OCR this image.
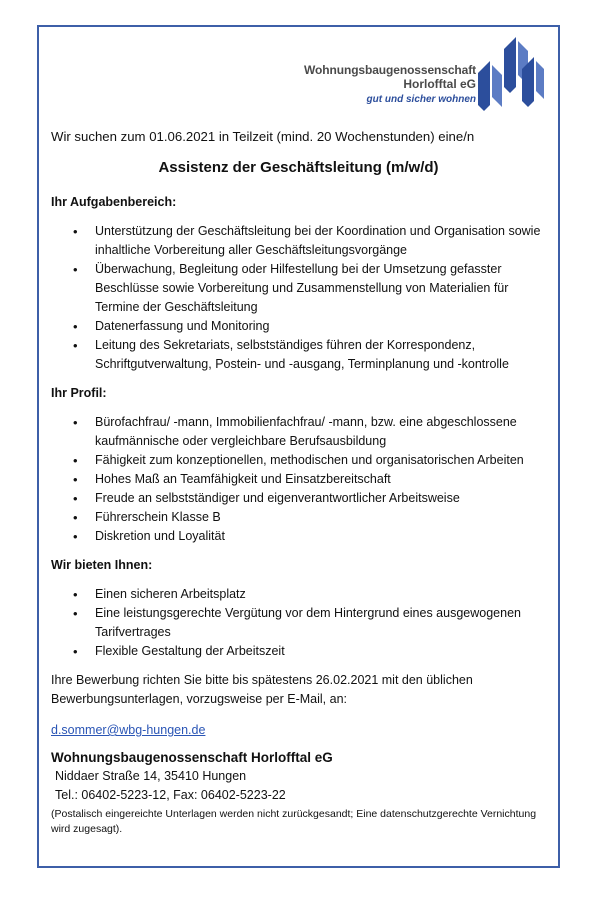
Wohnungsbaugenossenschaft
Horlofftal eG
gut und sicher wohnen

Wir suchen zum 01.06.2021 in Teilzeit (mind. 20 Wochenstunden) eine/n

Assistenz der Geschäftsleitung (m/w/d)

Ihr Aufgabenbereich:

• Unterstützung der Geschäftsleitung bei der Koordination und Organisation sowie inhaltliche Vorbereitung aller Geschäftsleitungsvorgänge
• Überwachung, Begleitung oder Hilfestellung bei der Umsetzung gefasster Beschlüsse sowie Vorbereitung und Zusammenstellung von Materialien für Termine der Geschäftsleitung
• Datenerfassung und Monitoring
• Leitung des Sekretariats, selbstständiges führen der Korrespondenz, Schriftgutverwaltung, Postein- und -ausgang, Terminplanung und -kontrolle

Ihr Profil:

• Bürofachfrau/ -mann, Immobilienfachfrau/ -mann, bzw. eine abgeschlossene kaufmännische oder vergleichbare Berufsausbildung
• Fähigkeit zum konzeptionellen, methodischen und organisatorischen Arbeiten
• Hohes Maß an Teamfähigkeit und Einsatzbereitschaft
• Freude an selbstständiger und eigenverantwortlicher Arbeitsweise
• Führerschein Klasse B
• Diskretion und Loyalität

Wir bieten Ihnen:

• Einen sicheren Arbeitsplatz
• Eine leistungsgerechte Vergütung vor dem Hintergrund eines ausgewogenen Tarifvertrages
• Flexible Gestaltung der Arbeitszeit

Ihre Bewerbung richten Sie bitte bis spätestens 26.02.2021 mit den üblichen Bewerbungsunterlagen, vorzugsweise per E-Mail, an:

d.sommer@wbg-hungen.de

Wohnungsbaugenossenschaft Horlofftal eG

Niddaer Straße 14, 35410 Hungen

Tel.: 06402-5223-12, Fax: 06402-5223-22

(Postalisch eingereichte Unterlagen werden nicht zurückgesandt; Eine datenschutzgerechte Vernichtung wird zugesagt).
